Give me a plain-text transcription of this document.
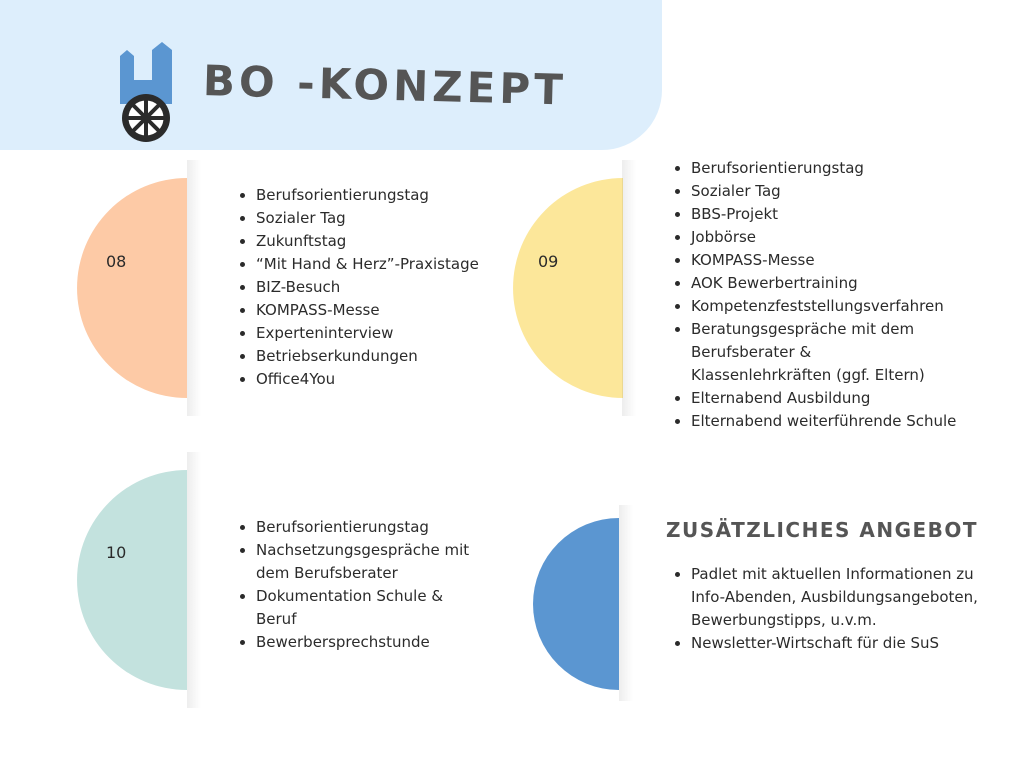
BO -KONZEPT
08
• Berufsorientierungstag
• Sozialer Tag
• Zukunftstag
• “Mit Hand & Herz”-Praxistage
• BIZ-Besuch
• KOMPASS-Messe
• Experteninterview
• Betriebserkundungen
• Office4You
09
• Berufsorientierungstag
• Sozialer Tag
• BBS-Projekt
• Jobbörse
• KOMPASS-Messe
• AOK Bewerbertraining
• Kompetenzfeststellungsverfahren
• Beratungsgespräche mit dem Berufsberater & Klassenlehrkräften (ggf. Eltern)
• Elternabend Ausbildung
• Elternabend weiterführende Schule
10
• Berufsorientierungstag
• Nachsetzungsgespräche mit dem Berufsberater
• Dokumentation Schule & Beruf
• Bewerbersprechstunde
ZUSÄTZLICHES ANGEBOT
• Padlet mit aktuellen Informationen zu Info-Abenden, Ausbildungsangeboten, Bewerbungstipps, u.v.m.
• Newsletter-Wirtschaft für die SuS
